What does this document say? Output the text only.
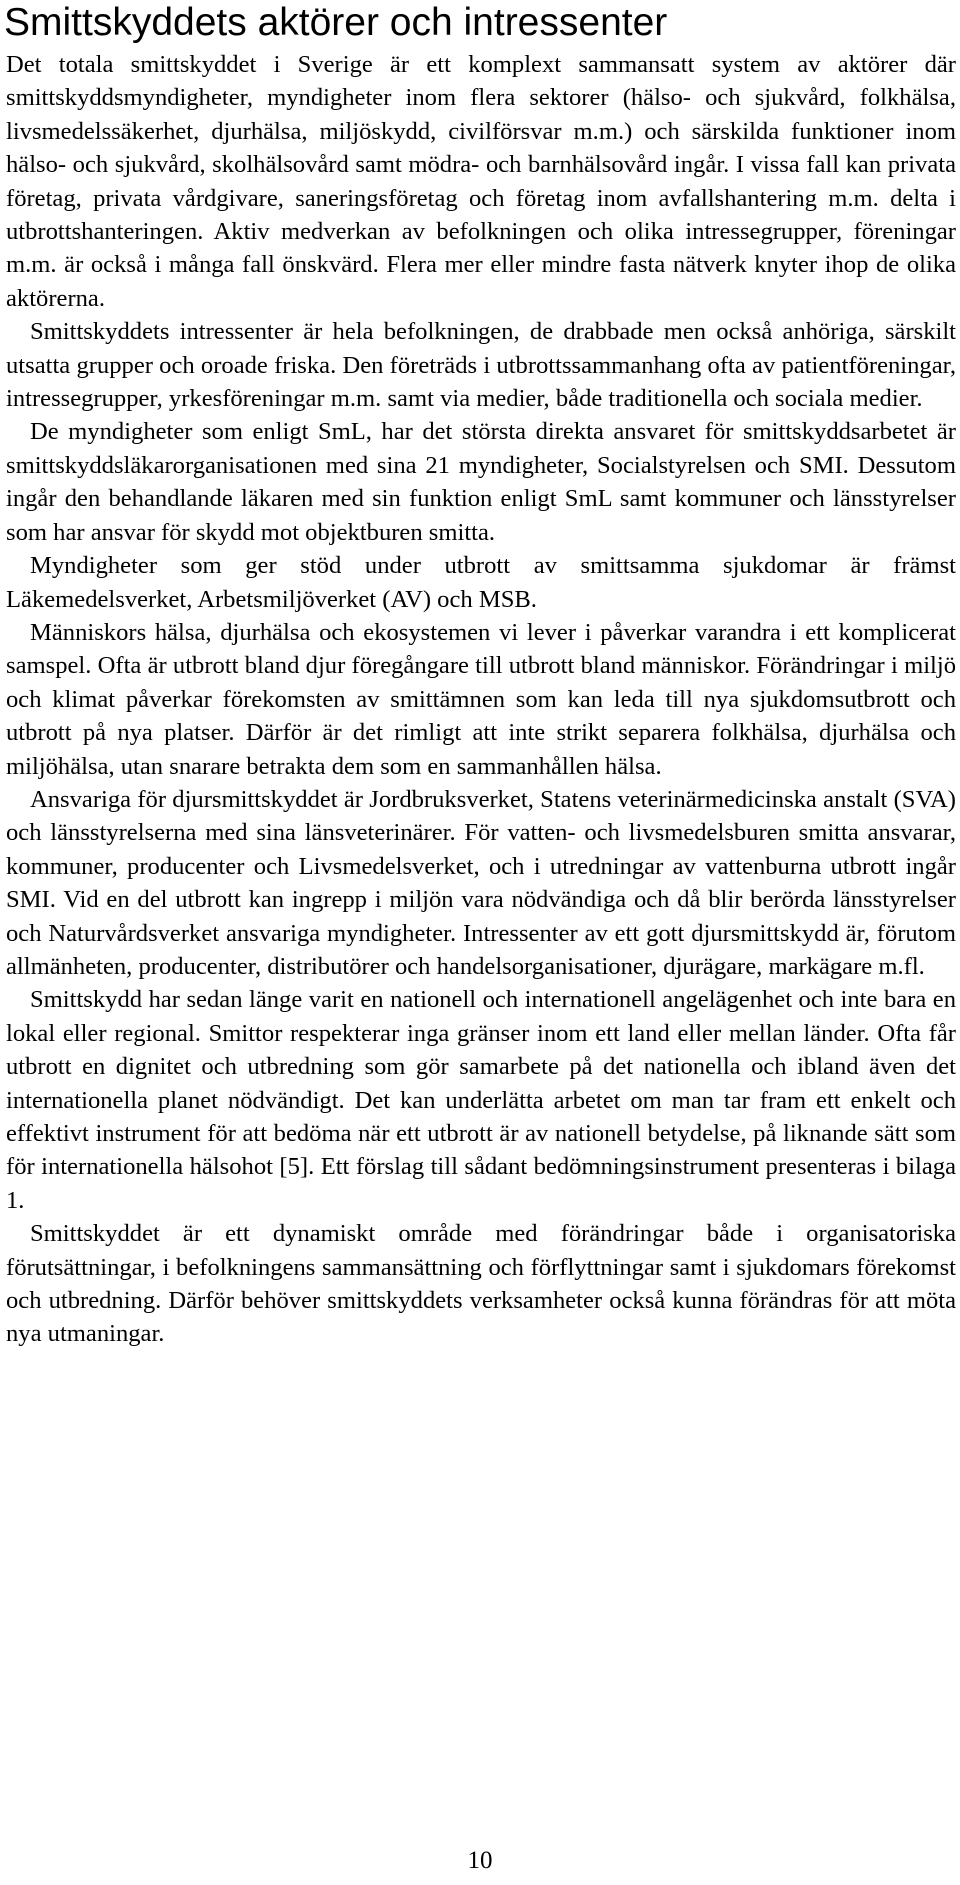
Smittskyddets aktörer och intressenter

Det totala smittskyddet i Sverige är ett komplext sammansatt system av aktörer där smittskyddsmyndigheter, myndigheter inom flera sektorer (hälso- och sjukvård, folkhälsa, livsmedelssäkerhet, djurhälsa, miljöskydd, civilförsvar m.m.) och särskilda funktioner inom hälso- och sjukvård, skolhälsovård samt mödra- och barnhälsovård ingår. I vissa fall kan privata företag, privata vårdgivare, saneringsföretag och företag inom avfallshantering m.m. delta i utbrottshanteringen. Aktiv medverkan av befolkningen och olika intressegrupper, föreningar m.m. är också i många fall önskvärd. Flera mer eller mindre fasta nätverk knyter ihop de olika aktörerna.

Smittskyddets intressenter är hela befolkningen, de drabbade men också anhöriga, särskilt utsatta grupper och oroade friska. Den företräds i utbrottssammanhang ofta av patientföreningar, intressegrupper, yrkesföreningar m.m. samt via medier, både traditionella och sociala medier.

De myndigheter som enligt SmL, har det största direkta ansvaret för smittskyddsarbetet är smittskyddsläkarorganisationen med sina 21 myndigheter, Socialstyrelsen och SMI. Dessutom ingår den behandlande läkaren med sin funktion enligt SmL samt kommuner och länsstyrelser som har ansvar för skydd mot objektburen smitta.

Myndigheter som ger stöd under utbrott av smittsamma sjukdomar är främst Läkemedelsverket, Arbetsmiljöverket (AV) och MSB.

Människors hälsa, djurhälsa och ekosystemen vi lever i påverkar varandra i ett komplicerat samspel. Ofta är utbrott bland djur föregångare till utbrott bland människor. Förändringar i miljö och klimat påverkar förekomsten av smittämnen som kan leda till nya sjukdomsutbrott och utbrott på nya platser. Därför är det rimligt att inte strikt separera folkhälsa, djurhälsa och miljöhälsa, utan snarare betrakta dem som en sammanhållen hälsa.

Ansvariga för djursmittskyddet är Jordbruksverket, Statens veterinärmedicinska anstalt (SVA) och länsstyrelserna med sina länsveterinärer. För vatten- och livsmedelsburen smitta ansvarar, kommuner, producenter och Livsmedelsverket, och i utredningar av vattenburna utbrott ingår SMI. Vid en del utbrott kan ingrepp i miljön vara nödvändiga och då blir berörda länsstyrelser och Naturvårdsverket ansvariga myndigheter. Intressenter av ett gott djursmittskydd är, förutom allmänheten, producenter, distributörer och handelsorganisationer, djurägare, markägare m.fl.

Smittskydd har sedan länge varit en nationell och internationell angelägenhet och inte bara en lokal eller regional. Smittor respekterar inga gränser inom ett land eller mellan länder. Ofta får utbrott en dignitet och utbredning som gör samarbete på det nationella och ibland även det internationella planet nödvändigt. Det kan underlätta arbetet om man tar fram ett enkelt och effektivt instrument för att bedöma när ett utbrott är av nationell betydelse, på liknande sätt som för internationella hälsohot [5]. Ett förslag till sådant bedömningsinstrument presenteras i bilaga 1.

Smittskyddet är ett dynamiskt område med förändringar både i organisatoriska förutsättningar, i befolkningens sammansättning och förflyttningar samt i sjukdomars förekomst och utbredning. Därför behöver smittskyddets verksamheter också kunna förändras för att möta nya utmaningar.

10
